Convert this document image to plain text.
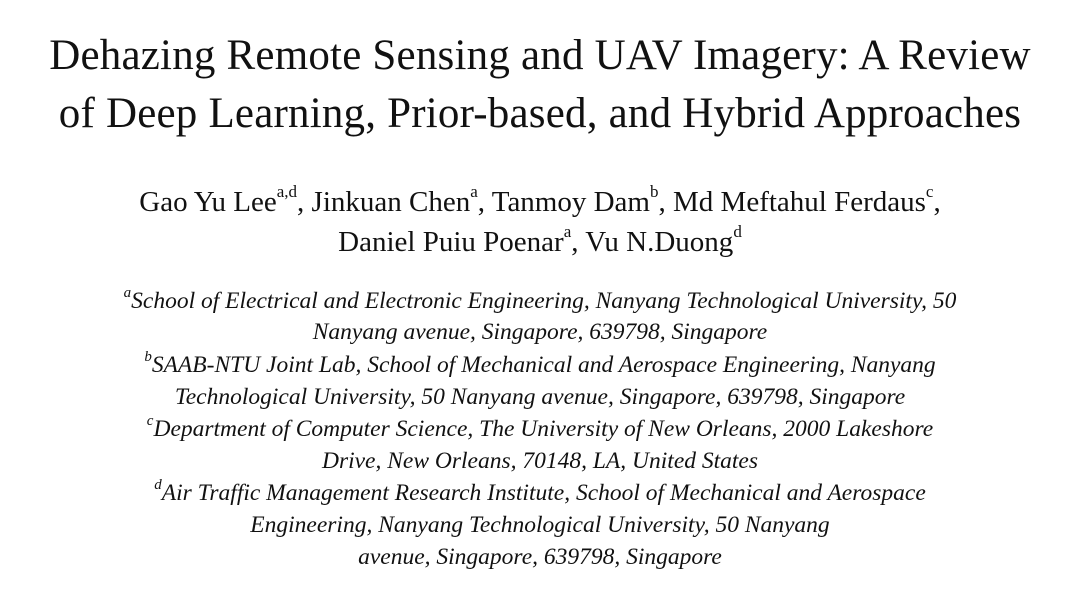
Dehazing Remote Sensing and UAV Imagery: A Review
of Deep Learning, Prior-based, and Hybrid Approaches
Gao Yu Lee$^{a,d}$, Jinkuan Chen$^a$, Tanmoy Dam$^b$, Md Meftahul Ferdaus$^c$,
Daniel Puiu Poenar$^a$, Vu N.Duong$^d$
$^a$School of Electrical and Electronic Engineering, Nanyang Technological University, 50
Nanyang avenue, Singapore, 639798, Singapore
$^b$SAAB-NTU Joint Lab, School of Mechanical and Aerospace Engineering, Nanyang
Technological University, 50 Nanyang avenue, Singapore, 639798, Singapore
$^c$Department of Computer Science, The University of New Orleans, 2000 Lakeshore
Drive, New Orleans, 70148, LA, United States
$^d$Air Traffic Management Research Institute, School of Mechanical and Aerospace
Engineering, Nanyang Technological University, 50 Nanyang
avenue, Singapore, 639798, Singapore
